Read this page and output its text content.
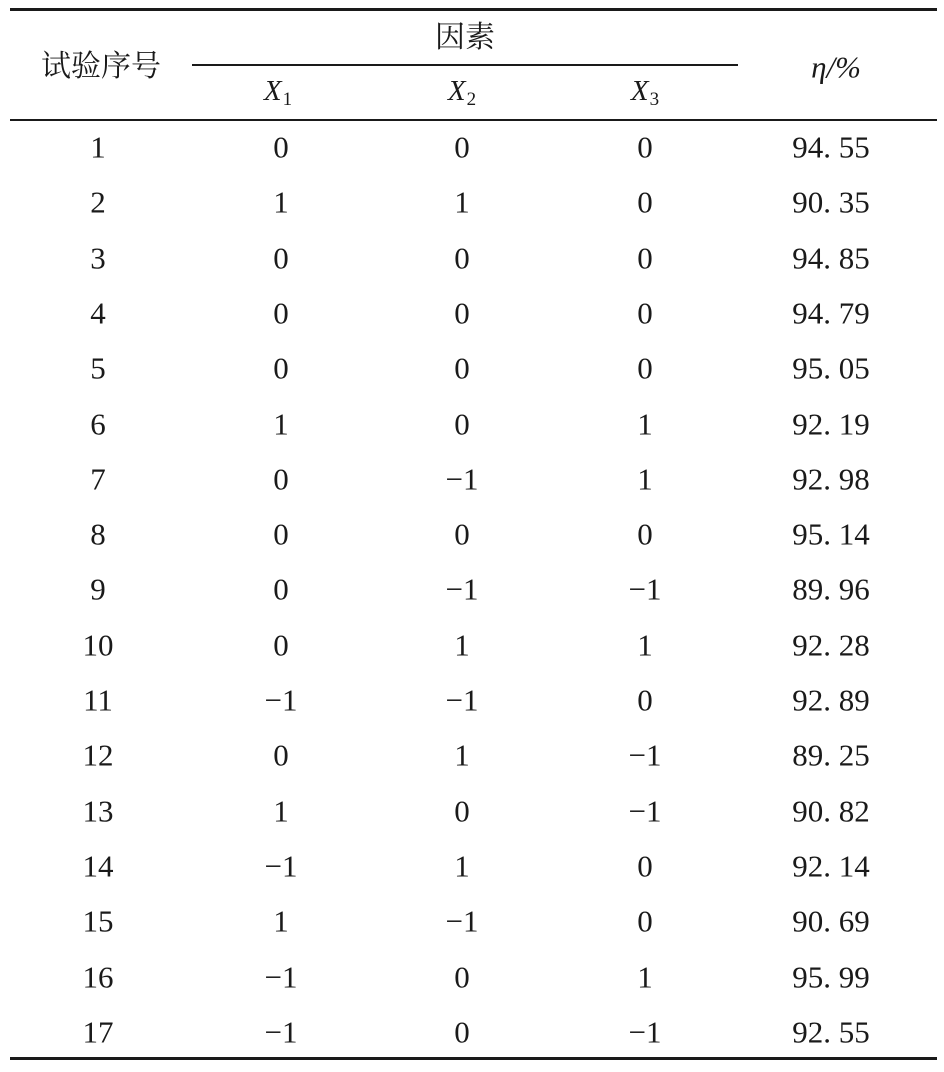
试验序号
因素
$X_1$	$X_2$	$X_3$
η/%
1	0	0	0	94. 55
2	1	1	0	90. 35
3	0	0	0	94. 85
4	0	0	0	94. 79
5	0	0	0	95. 05
6	1	0	1	92. 19
7	0	−1	1	92. 98
8	0	0	0	95. 14
9	0	−1	−1	89. 96
10	0	1	1	92. 28
11	−1	−1	0	92. 89
12	0	1	−1	89. 25
13	1	0	−1	90. 82
14	−1	1	0	92. 14
15	1	−1	0	90. 69
16	−1	0	1	95. 99
17	−1	0	−1	92. 55
